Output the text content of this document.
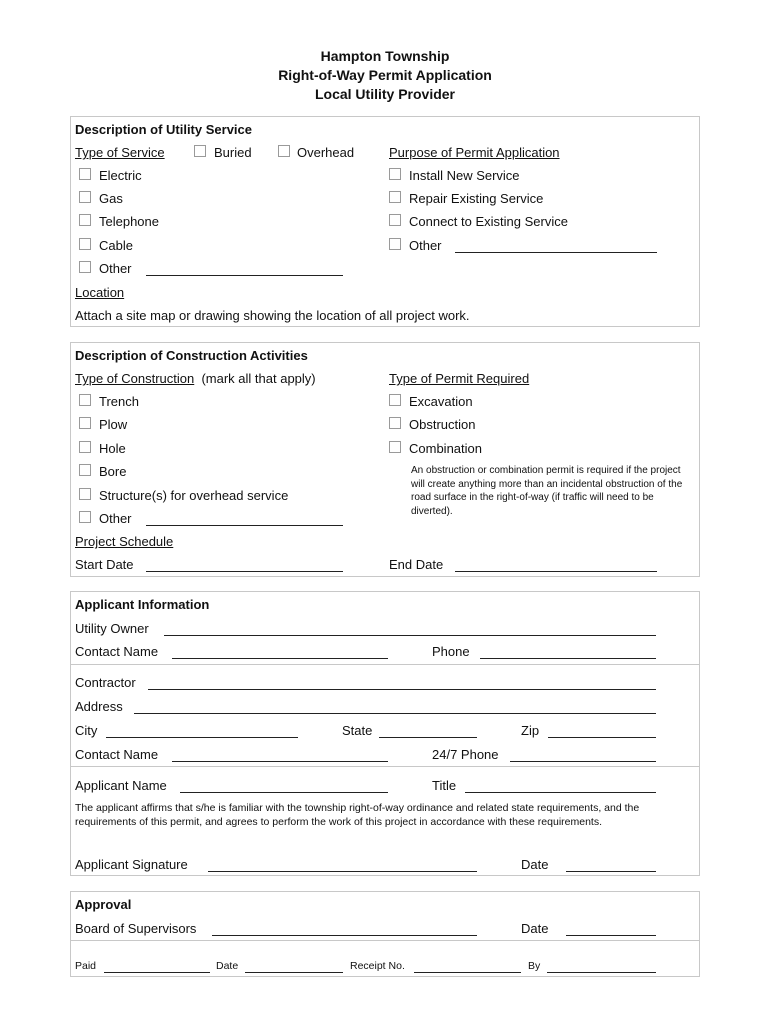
Hampton Township
Right-of-Way Permit Application
Local Utility Provider
Description of Utility Service
Type of Service	Buried	Overhead	Purpose of Permit Application
Electric
Gas
Telephone
Cable
Other
Install New Service
Repair Existing Service
Connect to Existing Service
Other
Location
Attach a site map or drawing showing the location of all project work.
Description of Construction Activities
Type of Construction (mark all that apply)	Type of Permit Required
Trench
Plow
Hole
Bore
Structure(s) for overhead service
Other
Excavation
Obstruction
Combination
An obstruction or combination permit is required if the project will create anything more than an incidental obstruction of the road surface in the right-of-way (if traffic will need to be diverted).
Project Schedule
Start Date	End Date
Applicant Information
Utility Owner
Contact Name	Phone
Contractor
Address
City	State	Zip
Contact Name	24/7 Phone
Applicant Name	Title
The applicant affirms that s/he is familiar with the township right-of-way ordinance and related state requirements, and the requirements of this permit, and agrees to perform the work of this project in accordance with these requirements.
Applicant Signature	Date
Approval
Board of Supervisors	Date
Paid	Date	Receipt No.	By
